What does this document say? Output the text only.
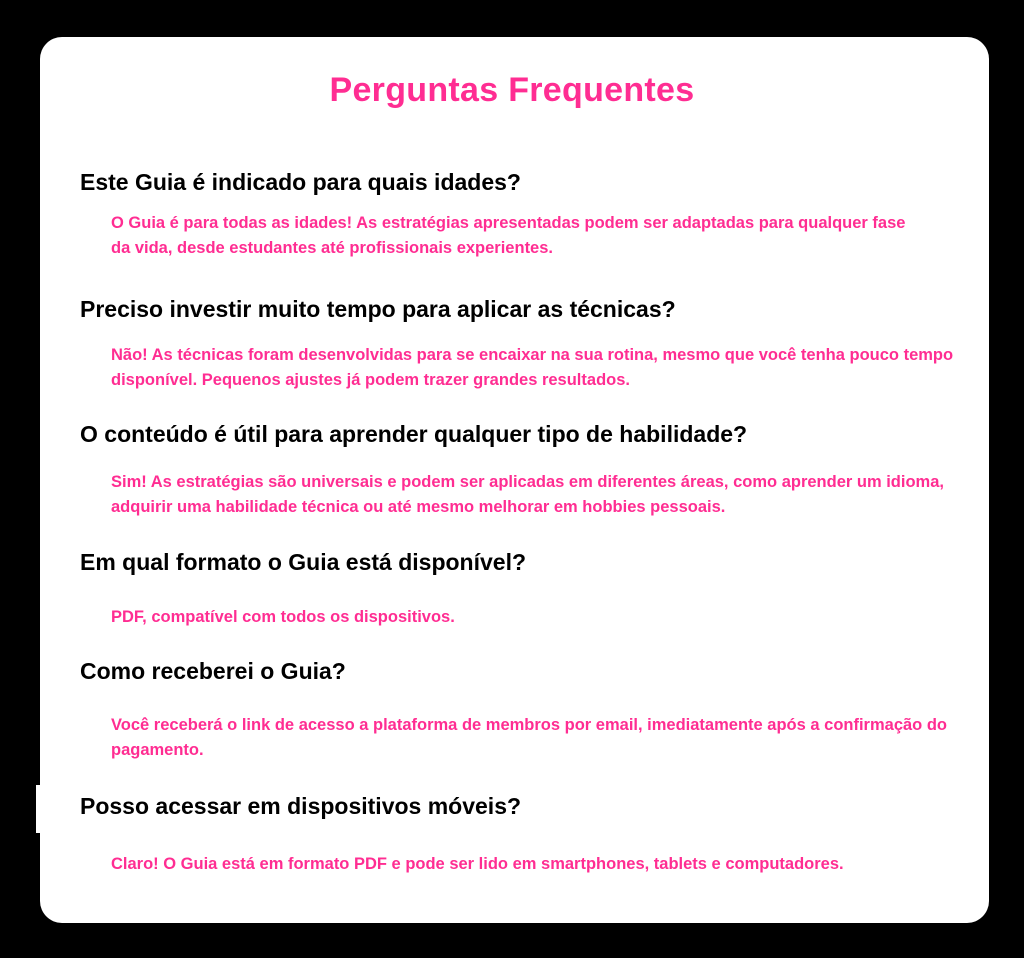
Perguntas Frequentes
Este Guia é indicado para quais idades?

O Guia é para todas as idades! As estratégias apresentadas podem ser adaptadas para qualquer fase da vida, desde estudantes até profissionais experientes.

Preciso investir muito tempo para aplicar as técnicas?

Não! As técnicas foram desenvolvidas para se encaixar na sua rotina, mesmo que você tenha pouco tempo disponível. Pequenos ajustes já podem trazer grandes resultados.

O conteúdo é útil para aprender qualquer tipo de habilidade?

Sim! As estratégias são universais e podem ser aplicadas em diferentes áreas, como aprender um idioma, adquirir uma habilidade técnica ou até mesmo melhorar em hobbies pessoais.

Em qual formato o Guia está disponível?

PDF, compatível com todos os dispositivos.

Como receberei o Guia?

Você receberá o link de acesso a plataforma de membros por email, imediatamente após a confirmação do pagamento.

Posso acessar em dispositivos móveis?

Claro! O Guia está em formato PDF e pode ser lido em smartphones, tablets e computadores.
